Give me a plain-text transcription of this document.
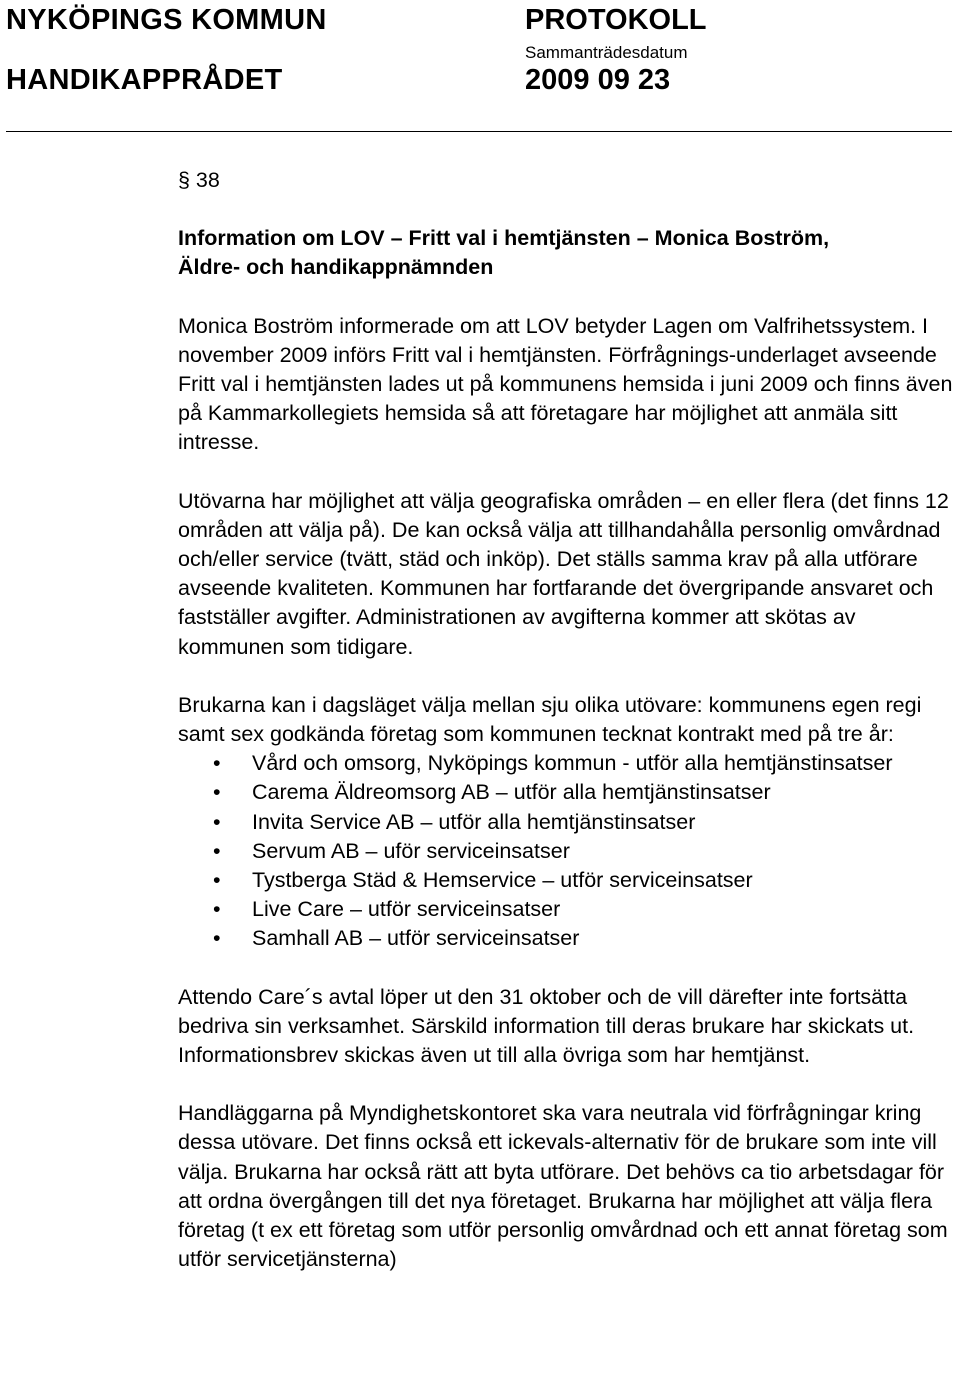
NYKÖPINGS KOMMUN	PROTOKOLL
Sammanträdesdatum
HANDIKAPPRÅDET	2009 09 23
§ 38
Information om LOV – Fritt val i hemtjänsten – Monica Boström,
Äldre- och handikappnämnden

Monica Boström informerade om att LOV betyder Lagen om Valfrihetssystem. I november 2009 införs Fritt val i hemtjänsten. Förfrågnings-underlaget avseende Fritt val i hemtjänsten lades ut på kommunens hemsida i juni 2009 och finns även på Kammarkollegiets hemsida så att företagare har möjlighet att anmäla sitt intresse.

Utövarna har möjlighet att välja geografiska områden – en eller flera (det finns 12 områden att välja på). De kan också välja att tillhandahålla personlig omvårdnad och/eller service (tvätt, städ och inköp). Det ställs samma krav på alla utförare avseende kvaliteten. Kommunen har fortfarande det övergripande ansvaret och fastställer avgifter. Administrationen av avgifterna kommer att skötas av kommunen som tidigare.

Brukarna kan i dagsläget välja mellan sju olika utövare: kommunens egen regi samt sex godkända företag som kommunen tecknat kontrakt med på tre år:

• Vård och omsorg, Nyköpings kommun - utför alla hemtjänstinsatser
• Carema Äldreomsorg AB – utför alla hemtjänstinsatser
• Invita Service AB – utför alla hemtjänstinsatser
• Servum AB – uför serviceinsatser
• Tystberga Städ & Hemservice – utför serviceinsatser
• Live Care – utför serviceinsatser
• Samhall AB – utför serviceinsatser

Attendo Care´s avtal löper ut den 31 oktober och de vill därefter inte fortsätta bedriva sin verksamhet. Särskild information till deras brukare har skickats ut. Informationsbrev skickas även ut till alla övriga som har hemtjänst.

Handläggarna på Myndighetskontoret ska vara neutrala vid förfrågningar kring dessa utövare. Det finns också ett ickevals-alternativ för de brukare som inte vill välja. Brukarna har också rätt att byta utförare. Det behövs ca tio arbetsdagar för att ordna övergången till det nya företaget. Brukarna har möjlighet att välja flera företag (t ex ett företag som utför personlig omvårdnad och ett annat företag som utför servicetjänsterna)
